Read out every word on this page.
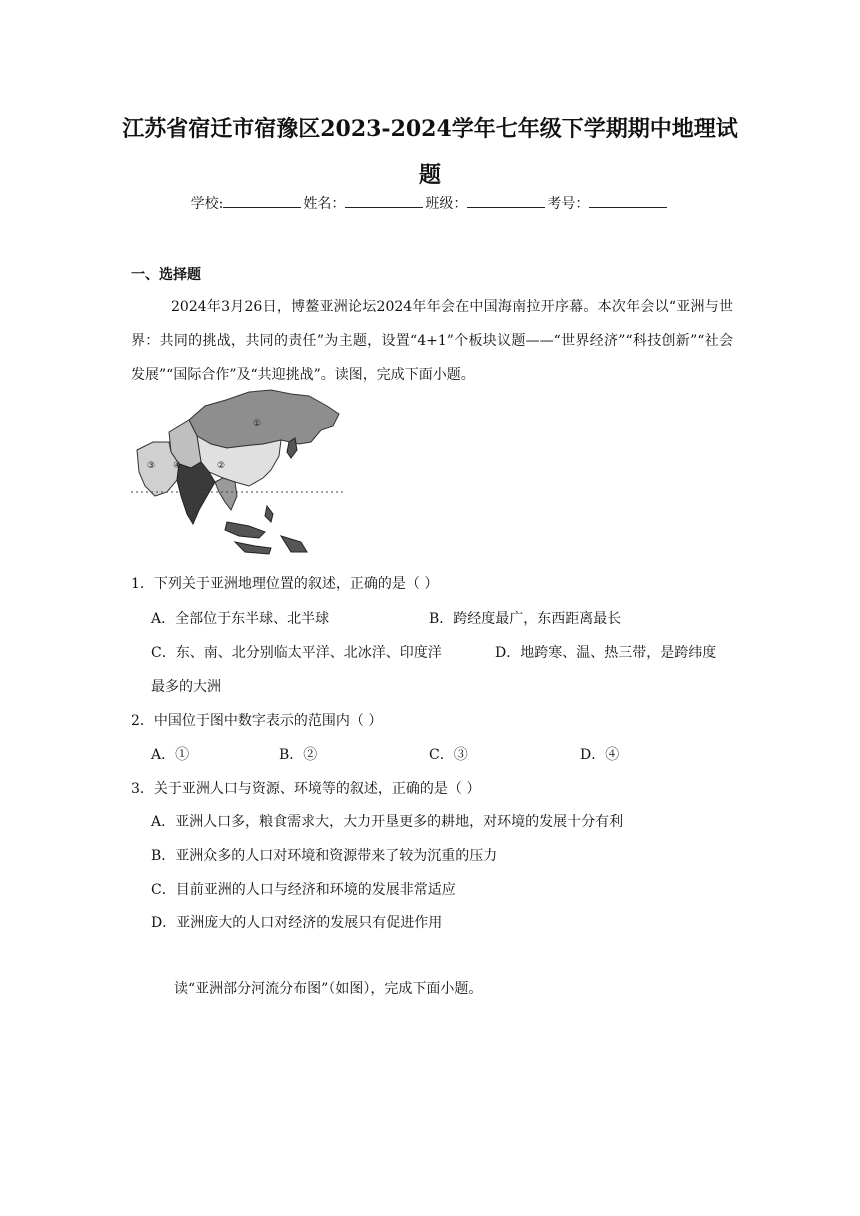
江苏省宿迁市宿豫区2023-2024学年七年级下学期期中地理试
题
学校:	姓名：	班级：	考号：
一、选择题
2024年3月26日，博鳌亚洲论坛2024年年会在中国海南拉开序幕。本次年会以“亚洲与世界：共同的挑战，共同的责任”为主题，设置“4+1”个板块议题——“世界经济”“科技创新”“社会发展”“国际合作”及“共迎挑战”。读图，完成下面小题。
①
②
③ ④
1．下列关于亚洲地理位置的叙述，正确的是（ ）
A．全部位于东半球、北半球	B．跨经度最广，东西距离最长
C．东、南、北分别临太平洋、北冰洋、印度洋	D．地跨寒、温、热三带，是跨纬度
最多的大洲
2．中国位于图中数字表示的范围内（ ）
A．①	B．②	C．③	D．④
3．关于亚洲人口与资源、环境等的叙述，正确的是（ ）
A．亚洲人口多，粮食需求大，大力开垦更多的耕地，对环境的发展十分有利
B．亚洲众多的人口对环境和资源带来了较为沉重的压力
C．目前亚洲的人口与经济和环境的发展非常适应
D．亚洲庞大的人口对经济的发展只有促进作用
读“亚洲部分河流分布图”（如图），完成下面小题。
